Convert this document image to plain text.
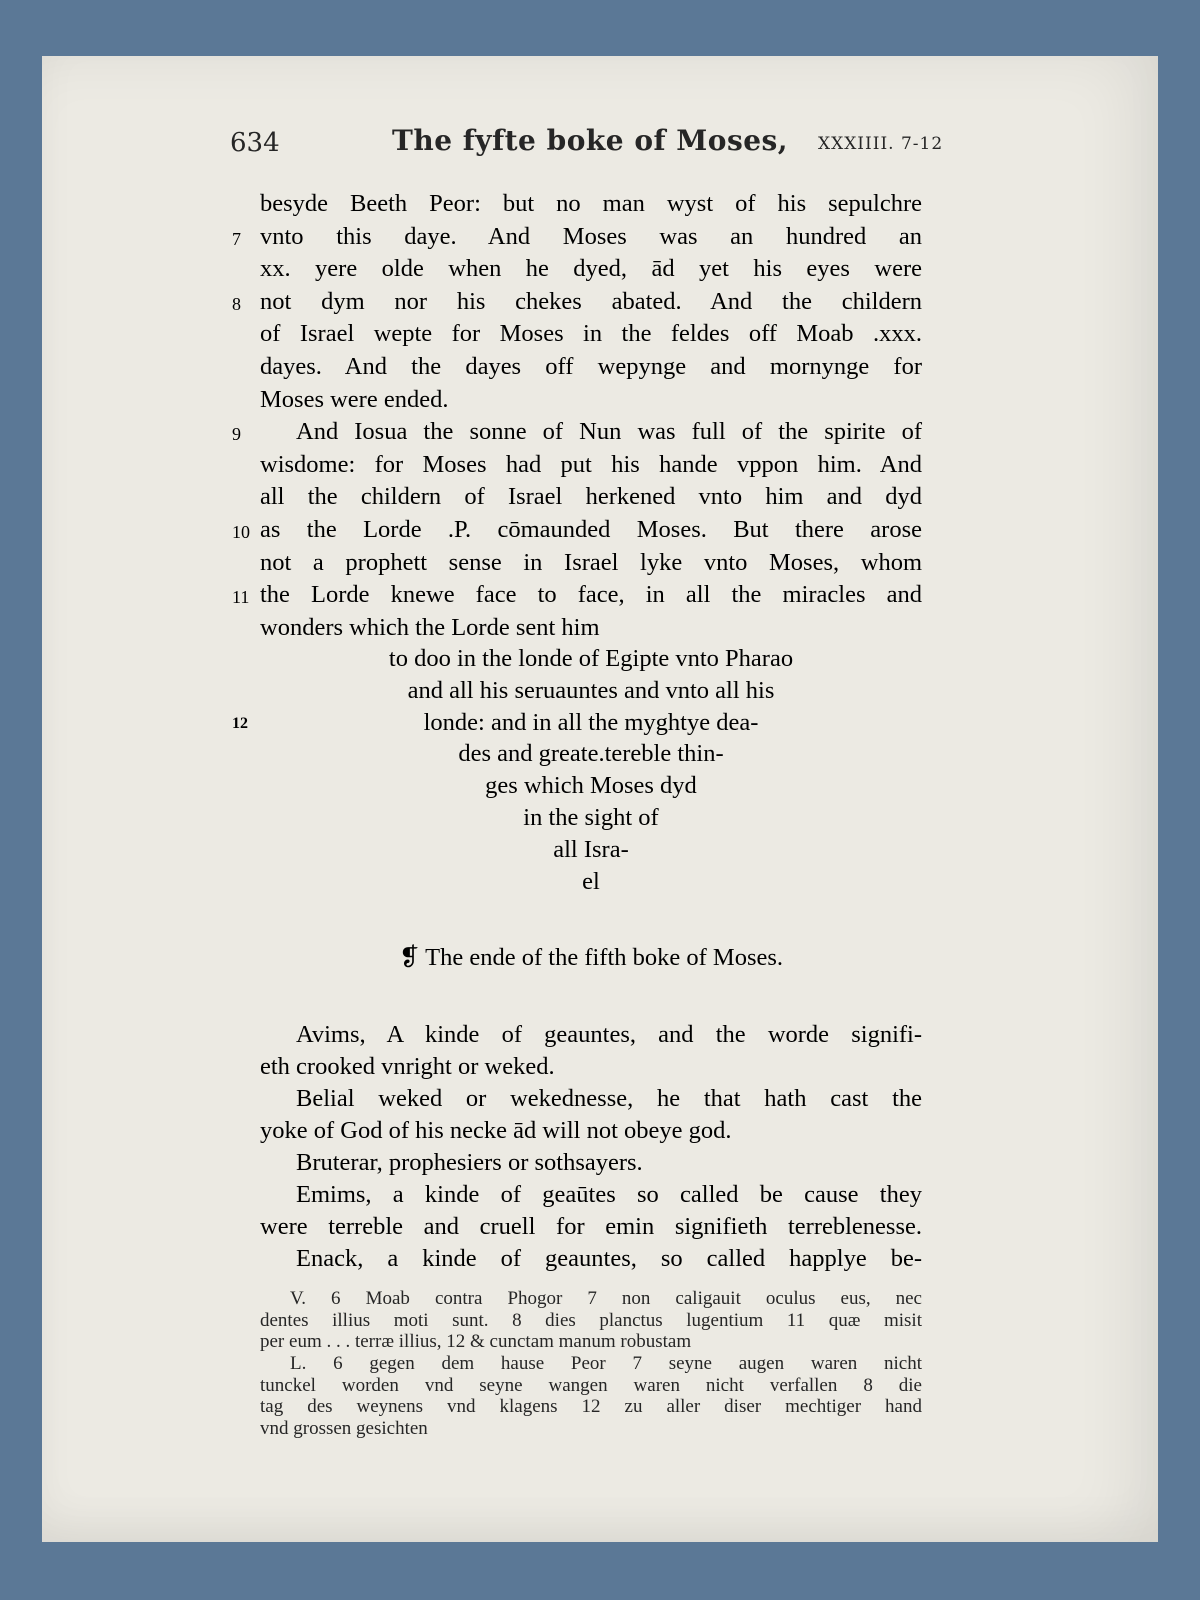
634	The fyfte boke of Moses, XXXIIII. 7-12
besyde Beeth Peor: but no man wyst of his sepulchre
vnto this daye. And Moses was an hundred an
7
xx. yere olde when he dyed, ād yet his eyes were
not dym nor his chekes abated. And the childern
8
of Israel wepte for Moses in the feldes off Moab .xxx.
dayes. And the dayes off wepynge and mornynge for
Moses were ended.
And Iosua the sonne of Nun was full of the spirite of
9
wisdome: for Moses had put his hande vppon him. And
all the childern of Israel herkened vnto him and dyd
as the Lorde .P. cōmaunded Moses. But there arose
10
not a prophett sense in Israel lyke vnto Moses, whom
the Lorde knewe face to face, in all the miracles and
11
wonders which the Lorde sent him
to doo in the londe of Egipte vnto Pharao
and all his seruauntes and vnto all his
londe: and in all the myghtye dea-
12
des and greate.tereble thin-
ges which Moses dyd
in the sight of
all Isra-
el
❡ The ende of the fifth boke of Moses.
Avims, A kinde of geauntes, and the worde signifi-
eth crooked vnright or weked.
Belial weked or wekednesse, he that hath cast the
yoke of God of his necke ād will not obeye god.
Bruterar, prophesiers or sothsayers.
Emims, a kinde of geaūtes so called be cause they
were terreble and cruell for emin signifieth terreblenesse.
Enack, a kinde of geauntes, so called happlye be-
V. 6 Moab contra Phogor 7 non caligauit oculus eus, nec
dentes illius moti sunt. 8 dies planctus lugentium 11 quæ misit
per eum . . . terræ illius, 12 & cunctam manum robustam
L. 6 gegen dem hause Peor 7 seyne augen waren nicht
tunckel worden vnd seyne wangen waren nicht verfallen 8 die
tag des weynens vnd klagens 12 zu aller diser mechtiger hand
vnd grossen gesichten
